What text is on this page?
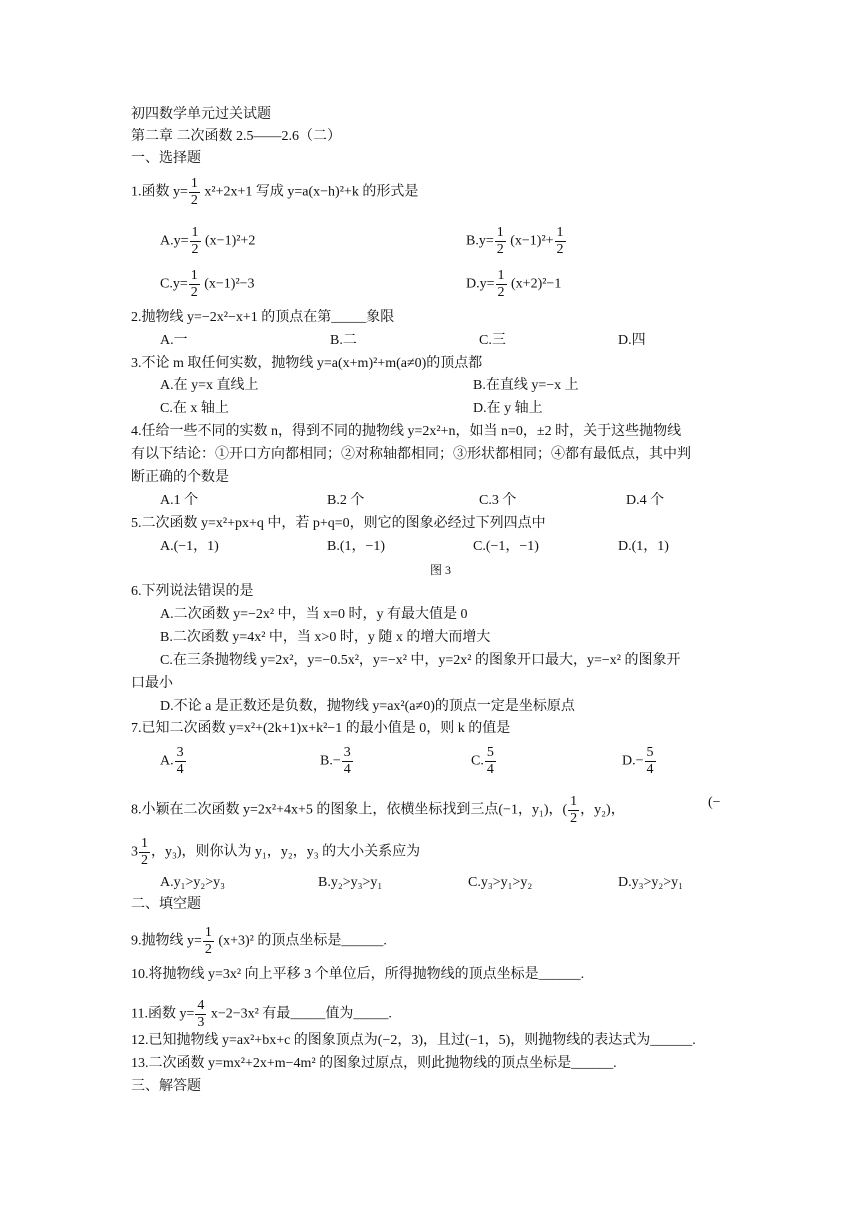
初四数学单元过关试题
第二章 二次函数 2.5——2.6（二）
一、选择题
1.函数 $y= \frac{1}{2} x^2+2x+1$ 写成 y=a(x−h)²+k 的形式是
$A.y= \frac{1}{2} (x-1)^2+2$	$B.y= \frac{1}{2} (x-1)^2+ \frac{1}{2}$
$C.y= \frac{1}{2} (x-1)^2-3$	$D.y= \frac{1}{2} (x+2)^2-1$
2.抛物线 y=−2x²−x+1 的顶点在第_____象限
A.一	B.二	C.三	D.四
3.不论 m 取任何实数，抛物线 y=a(x+m)²+m(a≠0)的顶点都
A.在 y=x 直线上	B.在直线 y=−x 上
C.在 x 轴上	D.在 y 轴上
4.任给一些不同的实数 n，得到不同的抛物线 y=2x²+n，如当 n=0，±2 时，关于这些抛物线
有以下结论：①开口方向都相同；②对称轴都相同；③形状都相同；④都有最低点，其中判
断正确的个数是
A.1 个	B.2 个	C.3 个	D.4 个
5.二次函数 y=x²+px+q 中，若 p+q=0，则它的图象必经过下列四点中
A.(−1，1)	B.(1，−1)	C.(−1，−1)	D.(1，1)
图 3
6.下列说法错误的是
A.二次函数 y=−2x² 中，当 x=0 时，y 有最大值是 0
B.二次函数 y=4x² 中，当 x>0 时，y 随 x 的增大而增大
C.在三条抛物线 y=2x²，y=−0.5x²，y=−x² 中，y=2x² 的图象开口最大，y=−x² 的图象开
口最小
D.不论 a 是正数还是负数，抛物线 y=ax²(a≠0)的顶点一定是坐标原点
7.已知二次函数 y=x²+(2k+1)x+k²−1 的最小值是 0，则 k 的值是
A. $\frac{3}{4}$	$B.- \frac{3}{4}$	C. $\frac{5}{4}$	$D.- \frac{5}{4}$
8.小颖在二次函数 y=2x²+4x+5 的图象上，依横坐标找到三点(−1，y₁)，( $\frac{1}{2}$ ，y₂)，
(−
$3 \frac{1}{2}$ ，y₃)，则你认为 y₁，y₂，y₃ 的大小关系应为
A.y₁>y₂>y₃	B.y₂>y₃>y₁	C.y₃>y₁>y₂	D.y₃>y₂>y₁
二、填空题
9.抛物线 $y= \frac{1}{2} (x+3)^2$ 的顶点坐标是______.
10.将抛物线 y=3x² 向上平移 3 个单位后，所得抛物线的顶点坐标是______.
11.函数 $y= \frac{4}{3} x-2-3x^2$ 有最_____值为_____.
12.已知抛物线 y=ax²+bx+c 的图象顶点为(−2，3)，且过(−1，5)，则抛物线的表达式为______.
13.二次函数 y=mx²+2x+m−4m² 的图象过原点，则此抛物线的顶点坐标是______.
三、解答题
